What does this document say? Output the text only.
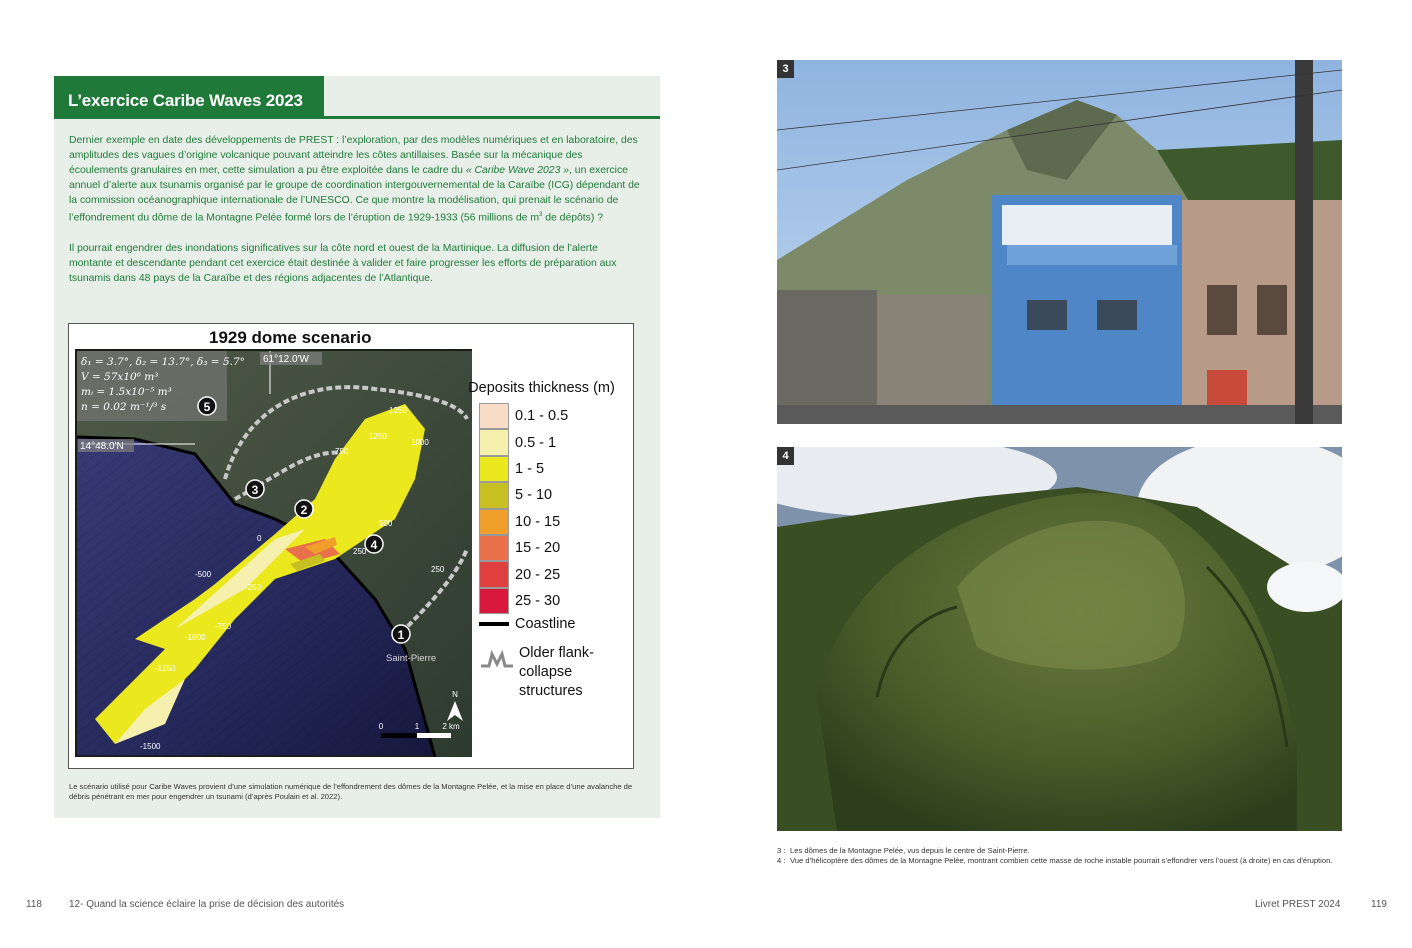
L’exercice Caribe Waves 2023

Dernier exemple en date des développements de PREST : l’exploration, par des modèles numériques et en laboratoire, des amplitudes des vagues d’origine volcanique pouvant atteindre les côtes antillaises. Basée sur la mécanique des écoulements granulaires en mer, cette simulation a pu être exploitée dans le cadre du « Caribe Wave 2023 », un exercice annuel d’alerte aux tsunamis organisé par le groupe de coordination intergouvernemental de la Caraïbe (ICG) dépendant de la commission océanographique internationale de l’UNESCO. Ce que montre la modélisation, qui prenait le scénario de l’effondrement du dôme de la Montagne Pelée formé lors de l’éruption de 1929-1933 (56 millions de $m^3$ de dépôts) ?

Il pourrait engendrer des inondations significatives sur la côte nord et ouest de la Martinique. La diffusion de l’alerte montante et descendante pendant cet exercice était destinée à valider et faire progresser les efforts de préparation aux tsunamis dans 48 pays de la Caraïbe et des régions adjacentes de l’Atlantique.

1929 dome scenario
δ₁ = 3.7°, δ₂ = 13.7°, δ₃ = 5.7°
V = 57x10⁶ m³
mᵢ = 1.5x10⁻⁵ m³
n = 0.02 m⁻¹/³ s
61°12.0'W
14°48.0'N
1250
1250
1000
750
500
250
250
0
-250
-500
-750
-1000
-1250
-1500
1
2
3
4
5
Saint-Pierre
N
0	1	2 km
Deposits thickness (m)
0.1 - 0.5
0.5 - 1
1 - 5
5 - 10
10 - 15
15 - 20
20 - 25
25 - 30
Coastline
Older flank-collapse structures
Le scénario utilisé pour Caribe Waves provient d’une simulation numérique de l’effondrement des dômes de la Montagne Pelée, et la mise en place d’une avalanche de débris pénétrant en mer pour engendrer un tsunami (d’après Poulain et al. 2022).
3
4
3 : Les dômes de la Montagne Pelée, vus depuis le centre de Saint-Pierre.
4 : Vue d’hélicoptère des dômes de la Montagne Pelée, montrant combien cette masse de roche instable pourrait s’effondrer vers l’ouest (à droite) en cas d’éruption.
118	12- Quand la science éclaire la prise de décision des autorités	Livret PREST 2024	119
